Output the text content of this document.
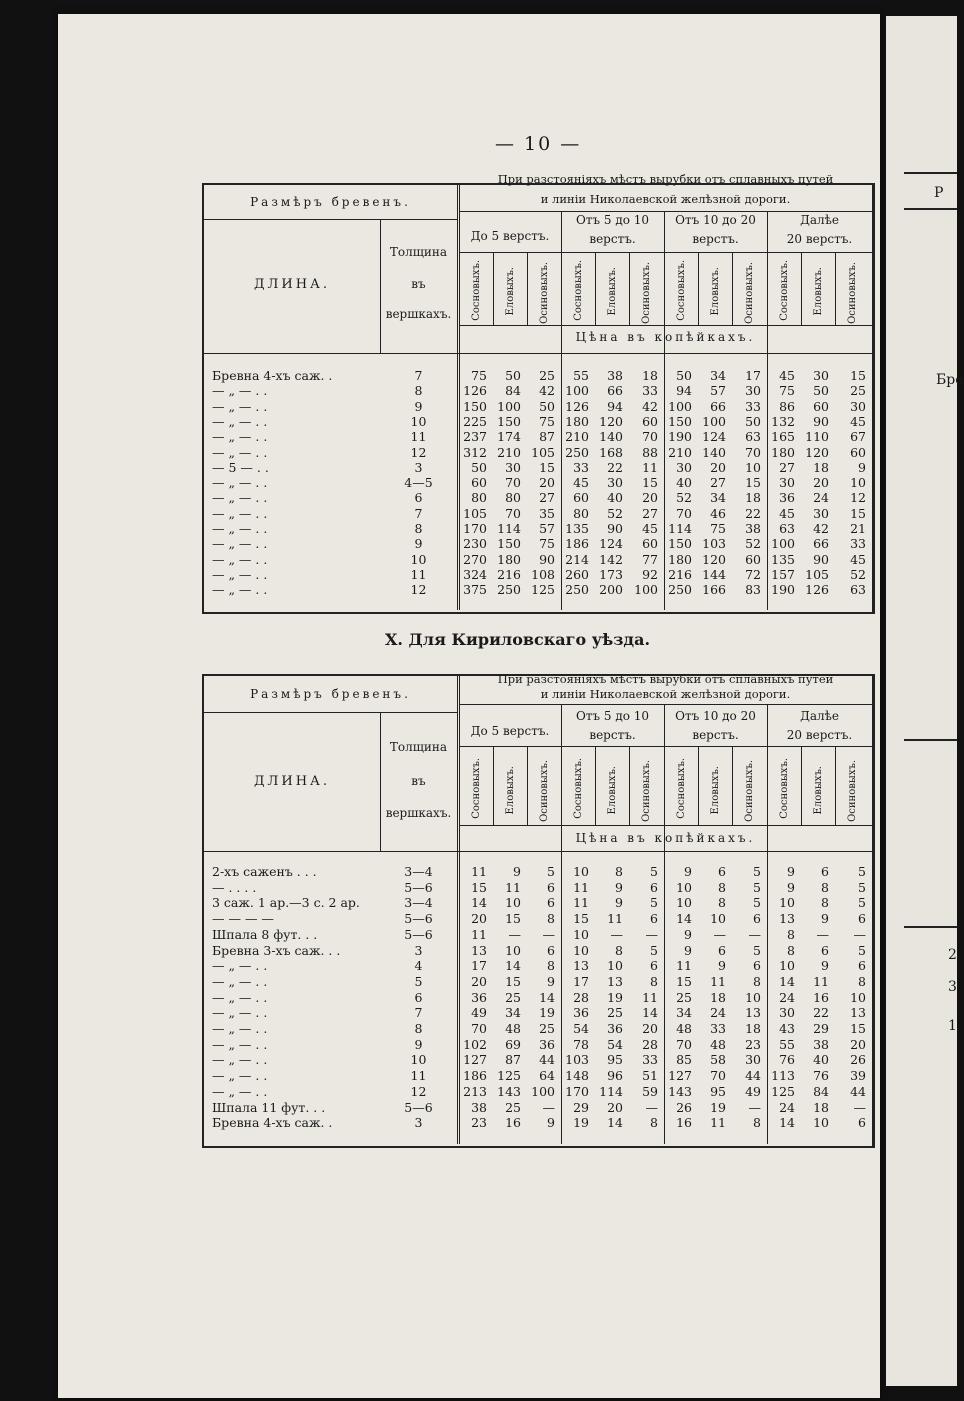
Р
Бре
2
3
1
— 10 —
Размѣръ бревенъ.
ДЛИНА.
Толщина
въ
вершкахъ.
При разстояніяхъ мѣстъ вырубки отъ сплавныхъ путей
и линіи Николаевской желѣзной дороги.
До 5 верстъ.
Отъ 5 до 10
верстъ.
Отъ 10 до 20
верстъ.
Далѣе
20 верстъ.
Цѣна въ копѣйкахъ.
Сосновыхъ. Еловыхъ. Осиновыхъ. Сосновыхъ. Еловыхъ. Осиновыхъ. Сосновыхъ. Еловыхъ. Осиновыхъ. Сосновыхъ. Еловыхъ. Осиновыхъ.
Бревна 4-хъ саж. .	7	75	50	25	55	38	18	50	34	17	45	30	15
— „ — . .	8	126	84	42 100	66	33	94	57	30	75	50	25
— „ — . .	9	150 100	50 126	94	42 100	66	33	86	60	30
— „ — . .	10	225 150	75 180 120	60 150 100	50 132	90	45
— „ — . .	11	237 174	87 210 140	70 190 124	63 165 110	67
— „ — . .	12	312 210 105 250 168	88 210 140	70 180 120	60
— 5 — . .	3	50	30	15	33	22	11	30	20	10	27	18	9
— „ — . .	4—5	60	70	20	45	30	15	40	27	15	30	20	10
— „ — . .	6	80	80	27	60	40	20	52	34	18	36	24	12
— „ — . .	7	105	70	35	80	52	27	70	46	22	45	30	15
— „ — . .	8	170 114	57 135	90	45 114	75	38	63	42	21
— „ — . .	9	230 150	75 186 124	60 150 103	52 100	66	33
— „ — . .	10	270 180	90 214 142	77 180 120	60 135	90	45
— „ — . .	11	324 216 108 260 173	92 216 144	72 157 105	52
— „ — . .	12	375 250 125 250 200 100 250 166	83 190 126	63
X. Для Кириловскаго уѣзда.
Размѣръ бревенъ.
ДЛИНА.
Толщина
въ
вершкахъ.
При разстояніяхъ мѣстъ вырубки отъ сплавныхъ путей
и линіи Николаевской желѣзной дороги.
До 5 верстъ.
Отъ 5 до 10
верстъ.
Отъ 10 до 20
верстъ.
Далѣе
20 верстъ.
Цѣна въ копѣйкахъ.
Сосновыхъ. Еловыхъ. Осиновыхъ. Сосновыхъ. Еловыхъ. Осиновыхъ. Сосновыхъ. Еловыхъ. Осиновыхъ. Сосновыхъ. Еловыхъ. Осиновыхъ.
2-хъ саженъ . . .	3—4	11	9	5	10	8	5	9	6	5	9	6	5
— . . . .	5—6	15	11	6	11	9	6	10	8	5	9	8	5
3 саж. 1 ар.—3 с. 2 ар.	3—4	14	10	6	11	9	5	10	8	5	10	8	5
— — — —	5—6	20	15	8	15	11	6	14	10	6	13	9	6
Шпала 8 фут. . .	5—6	11	—	—	10	—	—	9	—	—	8	—	—
Бревна 3-хъ саж. . .	3	13	10	6	10	8	5	9	6	5	8	6	5
— „ — . .	4	17	14	8	13	10	6	11	9	6	10	9	6
— „ — . .	5	20	15	9	17	13	8	15	11	8	14	11	8
— „ — . .	6	36	25	14	28	19	11	25	18	10	24	16	10
— „ — . .	7	49	34	19	36	25	14	34	24	13	30	22	13
— „ — . .	8	70	48	25	54	36	20	48	33	18	43	29	15
— „ — . .	9	102	69	36	78	54	28	70	48	23	55	38	20
— „ — . .	10	127	87	44 103	95	33	85	58	30	76	40	26
— „ — . .	11	186 125	64 148	96	51 127	70	44 113	76	39
— „ — . .	12	213 143 100 170 114	59 143	95	49 125	84	44
Шпала 11 фут. . .	5—6	38	25	—	29	20	—	26	19	—	24	18	—
Бревна 4-хъ саж. .	3	23	16	9	19	14	8	16	11	8	14	10	6
